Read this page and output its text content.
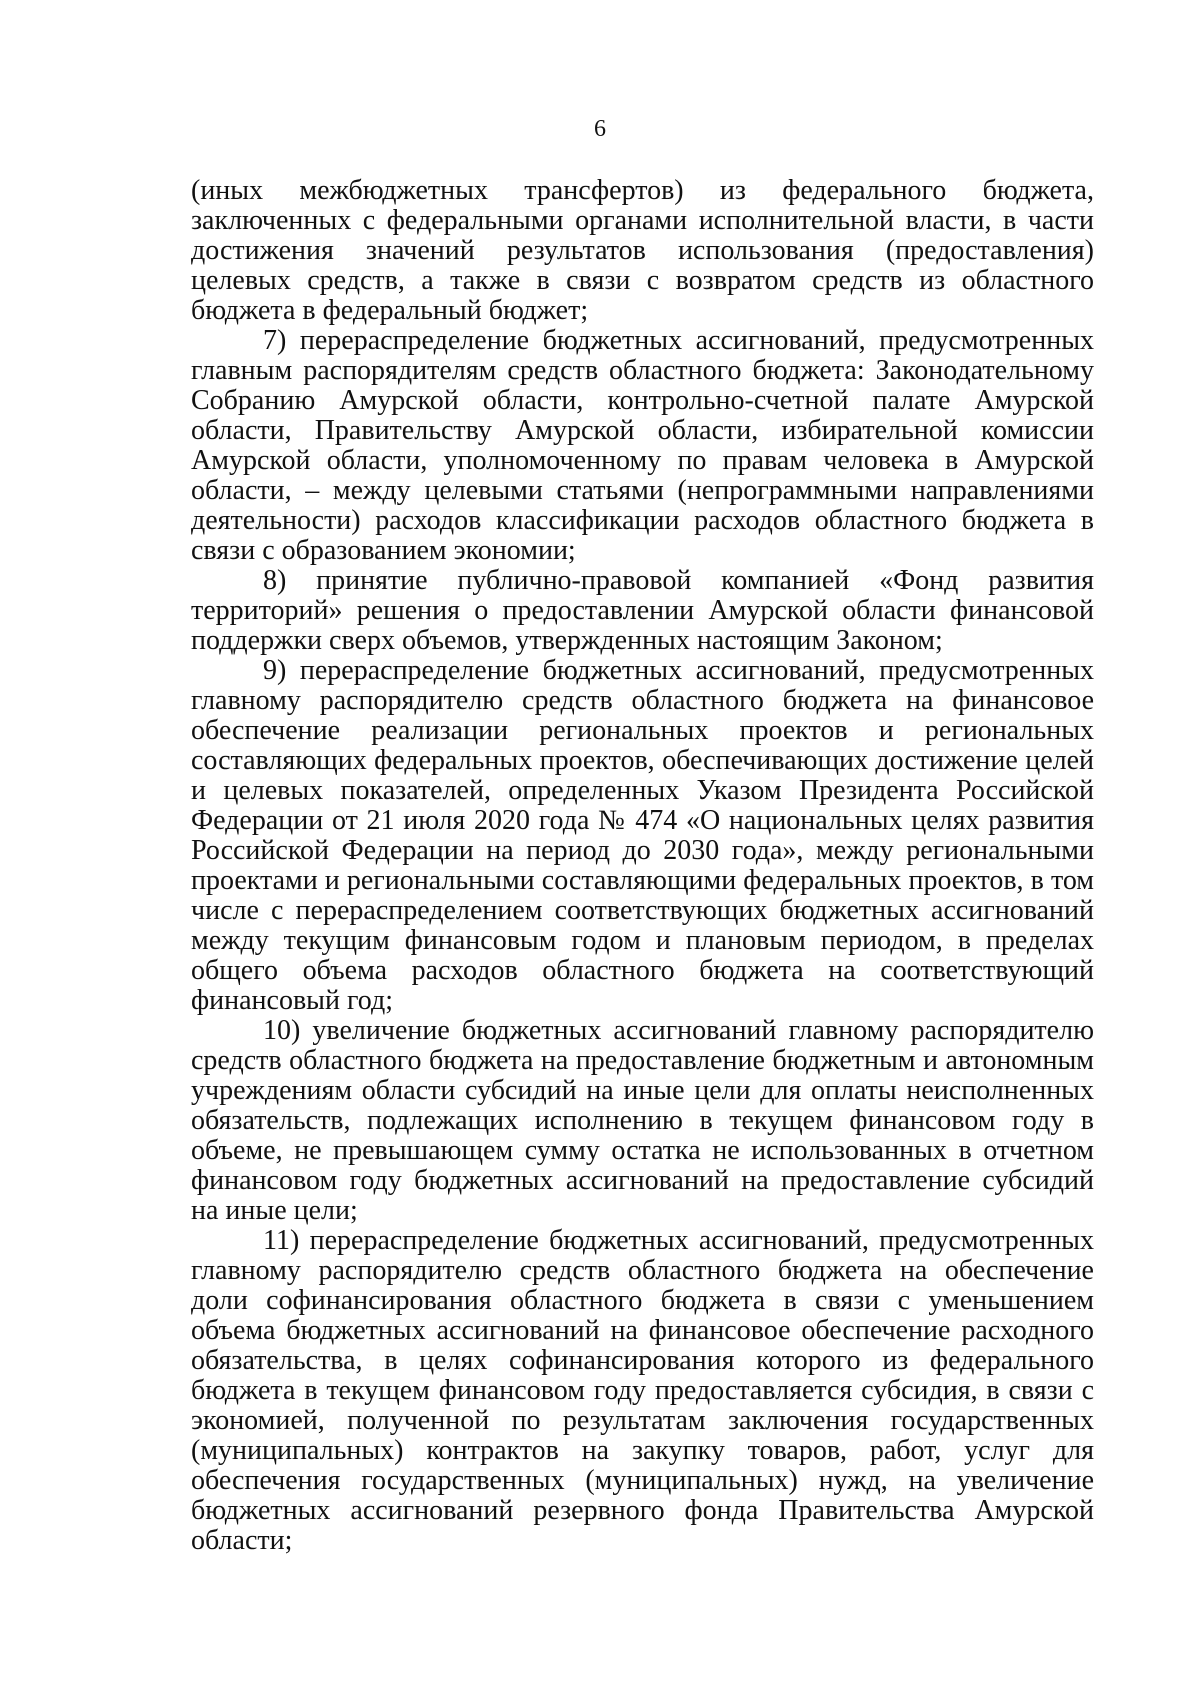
6

(иных межбюджетных трансфертов) из федерального бюджета, заключенных с федеральными органами исполнительной власти, в части достижения значений результатов использования (предоставления) целевых средств, а также в связи с возвратом средств из областного бюджета в федеральный бюджет;

7) перераспределение бюджетных ассигнований, предусмотренных главным распорядителям средств областного бюджета: Законодательному Собранию Амурской области, контрольно-счетной палате Амурской области, Правительству Амурской области, избирательной комиссии Амурской области, уполномоченному по правам человека в Амурской области, – между целевыми статьями (непрограммными направлениями деятельности) расходов классификации расходов областного бюджета в связи с образованием экономии;

8) принятие публично-правовой компанией «Фонд развития территорий» решения о предоставлении Амурской области финансовой поддержки сверх объемов, утвержденных настоящим Законом;

9) перераспределение бюджетных ассигнований, предусмотренных главному распорядителю средств областного бюджета на финансовое обеспечение реализации региональных проектов и региональных составляющих федеральных проектов, обеспечивающих достижение целей и целевых показателей, определенных Указом Президента Российской Федерации от 21 июля 2020 года № 474 «О национальных целях развития Российской Федерации на период до 2030 года», между региональными проектами и региональными составляющими федеральных проектов, в том числе с перераспределением соответствующих бюджетных ассигнований между текущим финансовым годом и плановым периодом, в пределах общего объема расходов областного бюджета на соответствующий финансовый год;

10) увеличение бюджетных ассигнований главному распорядителю средств областного бюджета на предоставление бюджетным и автономным учреждениям области субсидий на иные цели для оплаты неисполненных обязательств, подлежащих исполнению в текущем финансовом году в объеме, не превышающем сумму остатка не использованных в отчетном финансовом году бюджетных ассигнований на предоставление субсидий на иные цели;

11) перераспределение бюджетных ассигнований, предусмотренных главному распорядителю средств областного бюджета на обеспечение доли софинансирования областного бюджета в связи с уменьшением объема бюджетных ассигнований на финансовое обеспечение расходного обязательства, в целях софинансирования которого из федерального бюджета в текущем финансовом году предоставляется субсидия, в связи с экономией, полученной по результатам заключения государственных (муниципальных) контрактов на закупку товаров, работ, услуг для обеспечения государственных (муниципальных) нужд, на увеличение бюджетных ассигнований резервного фонда Правительства Амурской области;
